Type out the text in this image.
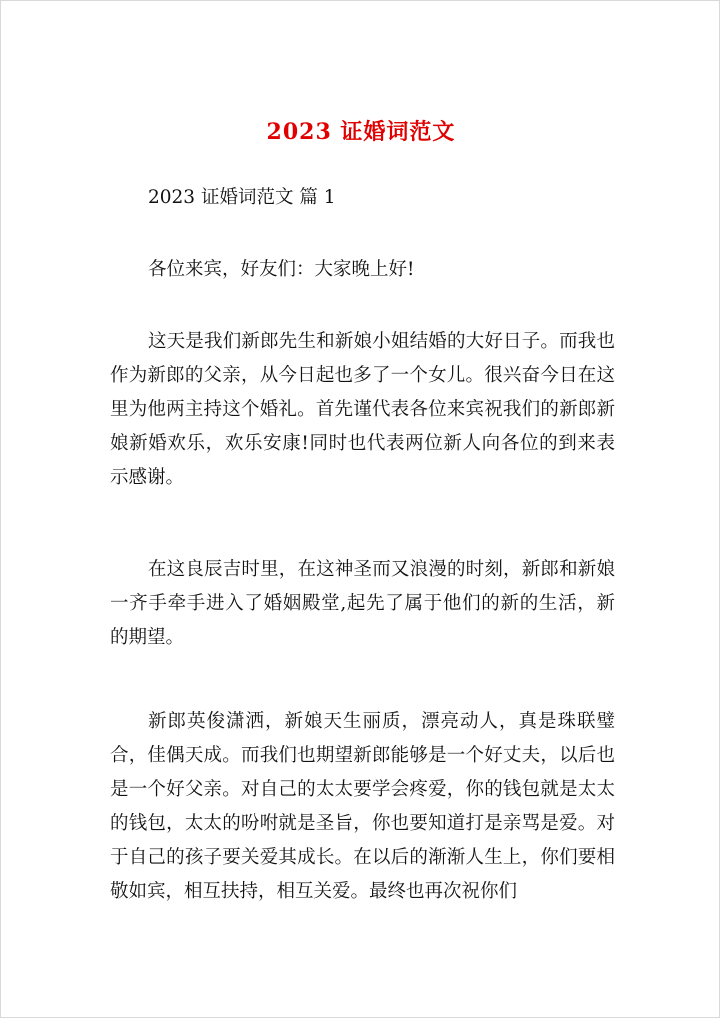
2023 证婚词范文
2023 证婚词范文 篇 1
各位来宾，好友们：大家晚上好!
这天是我们新郎先生和新娘小姐结婚的大好日子。而我也作为新郎的父亲，从今日起也多了一个女儿。很兴奋今日在这里为他两主持这个婚礼。首先谨代表各位来宾祝我们的新郎新娘新婚欢乐，欢乐安康!同时也代表两位新人向各位的到来表示感谢。
在这良辰吉时里，在这神圣而又浪漫的时刻，新郎和新娘一齐手牵手进入了婚姻殿堂,起先了属于他们的新的生活，新的期望。
新郎英俊潇洒，新娘天生丽质，漂亮动人，真是珠联璧合，佳偶天成。而我们也期望新郎能够是一个好丈夫，以后也是一个好父亲。对自己的太太要学会疼爱，你的钱包就是太太的钱包，太太的吩咐就是圣旨，你也要知道打是亲骂是爱。对于自己的孩子要关爱其成长。在以后的渐渐人生上，你们要相敬如宾，相互扶持，相互关爱。最终也再次祝你们
